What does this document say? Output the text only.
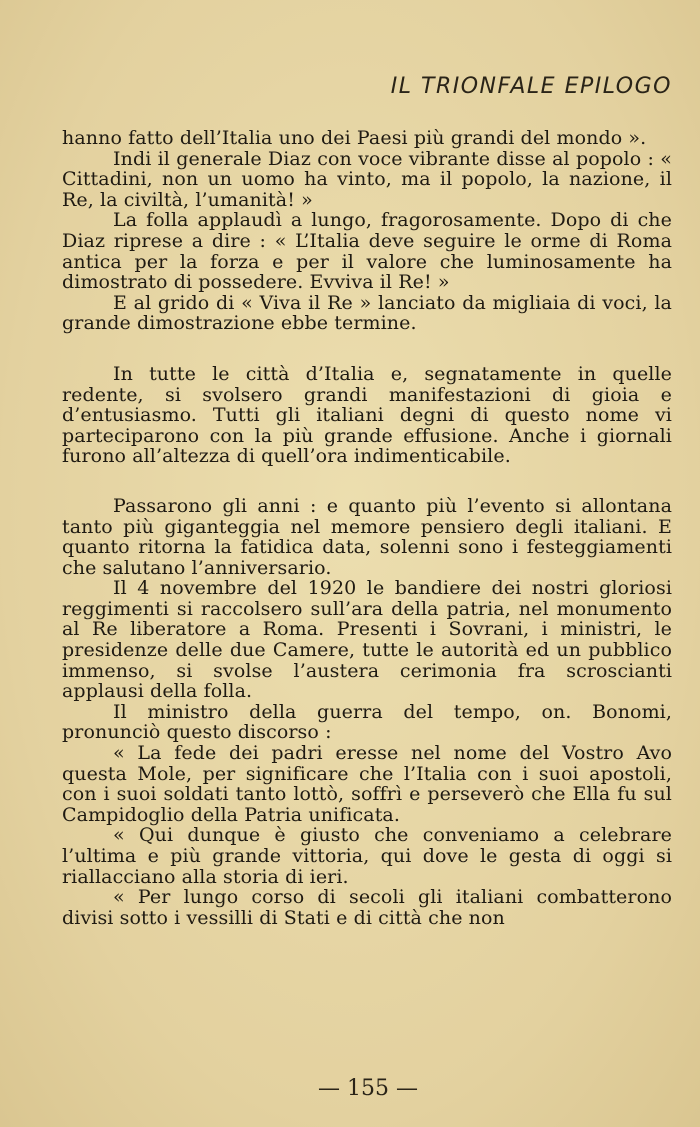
IL TRIONFALE EPILOGO

hanno fatto dell’Italia uno dei Paesi più grandi del mondo ».

Indi il generale Diaz con voce vibrante disse al popolo : « Cittadini, non un uomo ha vinto, ma il popolo, la nazione, il Re, la civiltà, l’umanità! »

La folla applaudì a lungo, fragorosamente. Dopo di che Diaz riprese a dire : « L’Italia deve seguire le orme di Roma antica per la forza e per il valore che luminosamente ha dimostrato di possedere. Evviva il Re! »

E al grido di « Viva il Re » lanciato da migliaia di voci, la grande dimostrazione ebbe termine.

In tutte le città d’Italia e, segnatamente in quelle redente, si svolsero grandi manifestazioni di gioia e d’entusiasmo. Tutti gli italiani degni di questo nome vi parteciparono con la più grande effusione. Anche i giornali furono all’altezza di quell’ora indimenticabile.

Passarono gli anni : e quanto più l’evento si allontana tanto più giganteggia nel memore pensiero degli italiani. E quanto ritorna la fatidica data, solenni sono i festeggiamenti che salutano l’anniversario.

Il 4 novembre del 1920 le bandiere dei nostri gloriosi reggimenti si raccolsero sull’ara della patria, nel monumento al Re liberatore a Roma. Presenti i Sovrani, i ministri, le presidenze delle due Camere, tutte le autorità ed un pubblico immenso, si svolse l’austera cerimonia fra scroscianti applausi della folla.

Il ministro della guerra del tempo, on. Bonomi, pronunciò questo discorso :

« La fede dei padri eresse nel nome del Vostro Avo questa Mole, per significare che l’Italia con i suoi apostoli, con i suoi soldati tanto lottò, soffrì e perseverò che Ella fu sul Campidoglio della Patria unificata.

« Qui dunque è giusto che conveniamo a celebrare l’ultima e più grande vittoria, qui dove le gesta di oggi si riallacciano alla storia di ieri.

« Per lungo corso di secoli gli italiani combatterono divisi sotto i vessilli di Stati e di città che non

— 155 —
